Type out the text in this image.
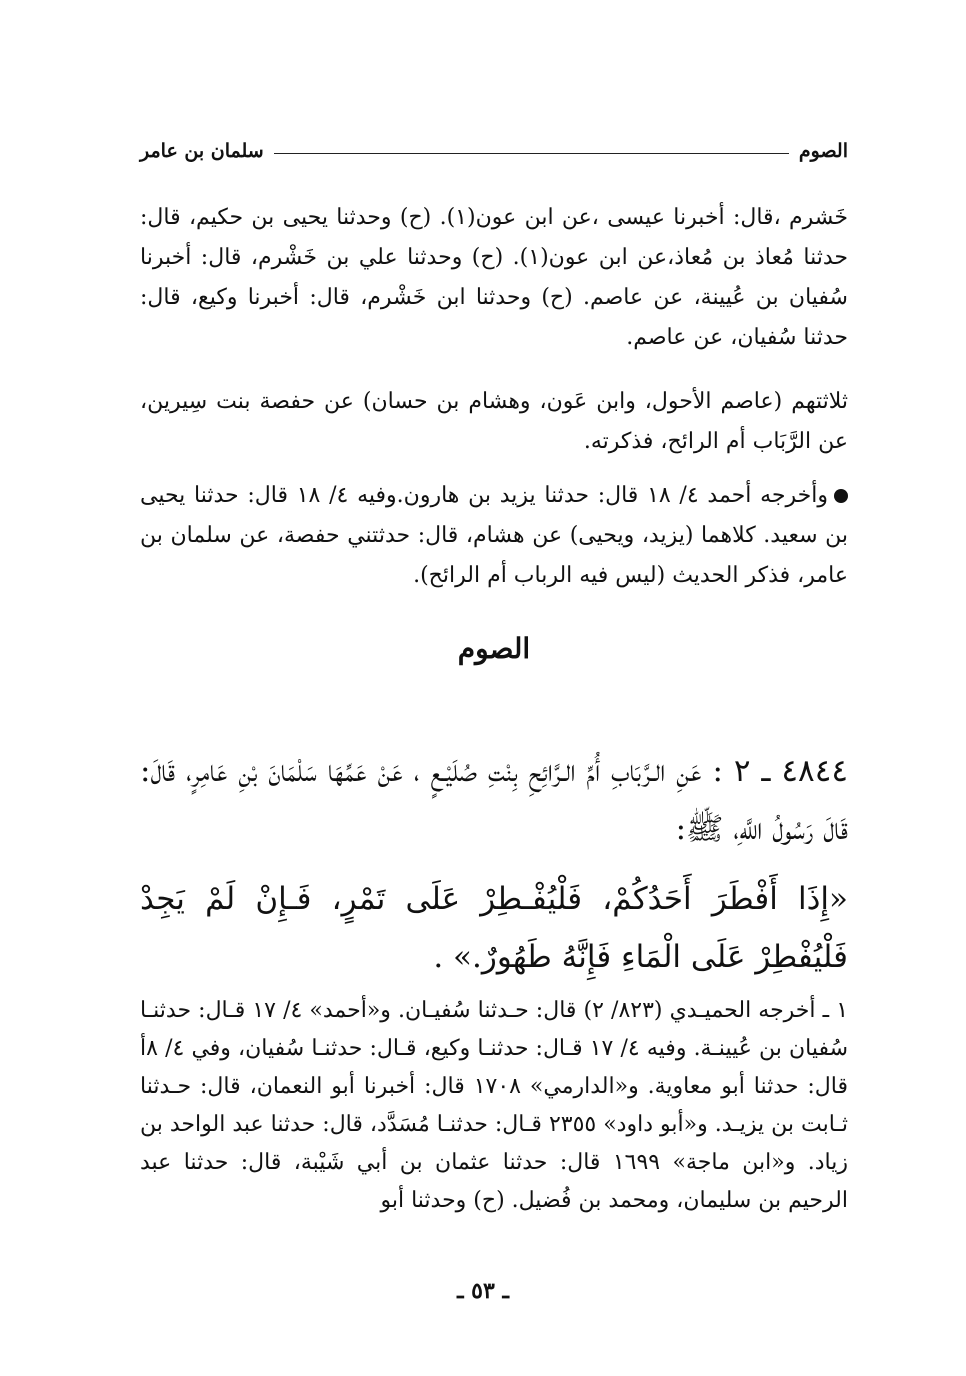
الصوم
سلمان بن عامر

خَشرم ،قال: أخبرنا عيسى ،عن ابن عون(١). (ح) وحدثنا يحيى بن حكيم، قال: حدثنا مُعاذ بن مُعاذ،عن ابن عون(١). (ح) وحدثنا علي بن خَشْرم، قال: أخبرنا سُفيان بن عُيينة، عن عاصم. (ح) وحدثنا ابن خَشْرم، قال: أخبرنا وكيع، قال: حدثنا سُفيان، عن عاصم.

ثلاثتهم (عاصم الأحول، وابن عَون، وهشام بن حسان) عن حفصة بنت سِيرين، عن الرَّبَاب أم الرائح، فذكرته.

وأخرجه أحمد ٤/ ١٨ قال: حدثنا يزيد بن هارون.وفيه ٤/ ١٨ قال: حدثنا يحيى بن سعيد. كلاهما (يزيد، ويحيى) عن هشام، قال: حدثتني حفصة، عن سلمان بن عامر، فذكر الحديث (ليس فيه الرباب أم الرائح).

الصوم

٤٨٤٤ ـ ٢ : عَنِ الـرَّبَابِ أُمِّ الـرَّائِحِ بِنْتِ صُلَيْـعٍ ، عَنْ عَمِّهَا سَلْمَانَ بْنِ عَامِرٍ، قَالَ: قَالَ رَسُولُ اللَّهِ، ﷺ:

«إِذَا أَفْطَرَ أَحَدُكُمْ، فَلْيُفْـطِرْ عَلَى تَمْرٍ، فَـإِنْ لَمْ يَجِدْ فَلْيُفْطِرْ عَلَى الْمَاءِ فَإِنَّهُ طَهُورٌ.» .

١ ـ أخرجه الحميـدي (٨٢٣/ ٢) قال: حـدثنا سُفيـان. و«أحمد» ٤/ ١٧ قـال: حدثنـا سُفيان بن عُيينـة. وفيه ٤/ ١٧ قـال: حدثنـا وكيع، قـال: حدثنـا سُفيان، وفي ٤/ ٨أ قال: حدثنا أبو معاوية. و«الدارمي» ١٧٠٨ قال: أخبرنا أبو النعمان، قال: حـدثنا ثـابت بن يزيـد. و«أبو داود» ٢٣٥٥ قـال: حدثنـا مُسَدَّد، قال: حدثنا عبد الواحد بن زياد. و«ابن ماجة» ١٦٩٩ قال: حدثنا عثمان بن أبي شَيْبة، قال: حدثنا عبد الرحيم بن سليمان، ومحمد بن فُضيل. (ح) وحدثنا أبو

ـ ٥٣ ـ
